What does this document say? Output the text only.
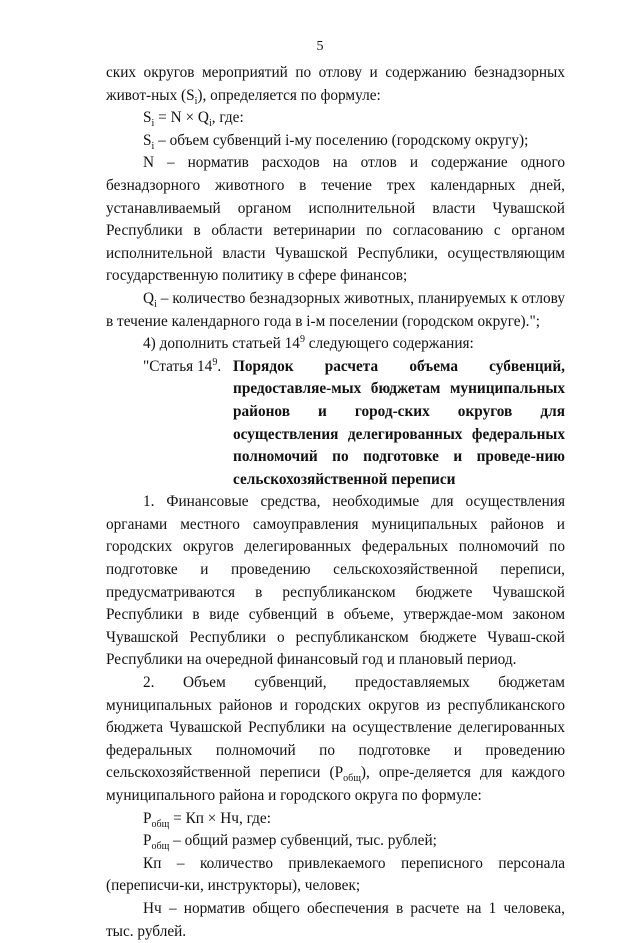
5

ских округов мероприятий по отлову и содержанию безнадзорных живот-ных $(S_i)$, определяется по формуле:

$S_i = N \times Q_i$, где:

$S_i$ – объем субвенций i-му поселению (городскому округу);

N – норматив расходов на отлов и содержание одного безнадзорного животного в течение трех календарных дней, устанавливаемый органом исполнительной власти Чувашской Республики в области ветеринарии по согласованию с органом исполнительной власти Чувашской Республики, осуществляющим государственную политику в сфере финансов;

$Q_i$ – количество безнадзорных животных, планируемых к отлову в течение календарного года в i-м поселении (городском округе).";

4) дополнить статьей $14^9$ следующего содержания:

"Статья $14^9$. Порядок расчета объема субвенций, предоставляе-мых бюджетам муниципальных районов и город-ских округов для осуществления делегированных федеральных полномочий по подготовке и проведе-нию сельскохозяйственной переписи

1. Финансовые средства, необходимые для осуществления органами местного самоуправления муниципальных районов и городских округов делегированных федеральных полномочий по подготовке и проведению сельскохозяйственной переписи, предусматриваются в республиканском бюджете Чувашской Республики в виде субвенций в объеме, утверждае-мом законом Чувашской Республики о республиканском бюджете Чуваш-ской Республики на очередной финансовый год и плановый период.

2. Объем субвенций, предоставляемых бюджетам муниципальных районов и городских округов из республиканского бюджета Чувашской Республики на осуществление делегированных федеральных полномочий по подготовке и проведению сельскохозяйственной переписи $(Р_{общ})$, опре-деляется для каждого муниципального района и городского округа по формуле:

$Р_{общ}$ = Кп × Нч, где:

$Р_{общ}$ – общий размер субвенций, тыс. рублей;

Кп – количество привлекаемого переписного персонала (переписчи-ки, инструкторы), человек;

Нч – норматив общего обеспечения в расчете на 1 человека, тыс. рублей.
